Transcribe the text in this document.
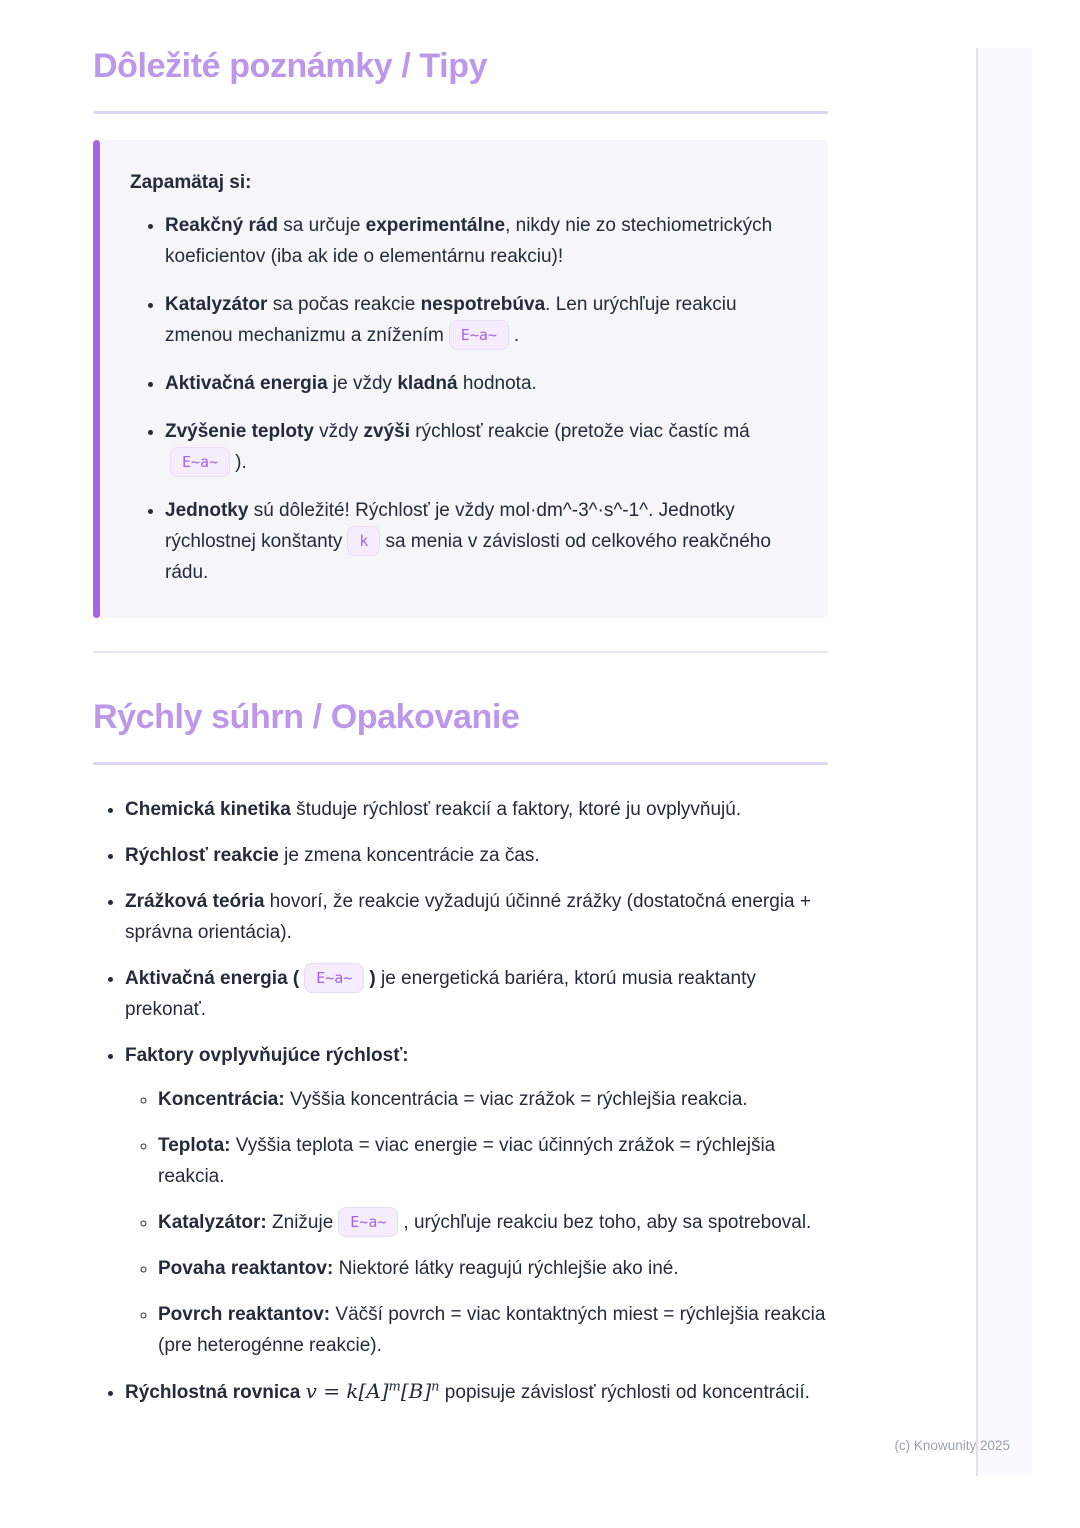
Dôležité poznámky / Tipy
Zapamätaj si:
• Reakčný rád sa určuje experimentálne, nikdy nie zo stechiometrických koeficientov (iba ak ide o elementárnu reakciu)!
• Katalyzátor sa počas reakcie nespotrebúva. Len urýchľuje reakciu zmenou mechanizmu a znížením E~a~ .
• Aktivačná energia je vždy kladná hodnota.
• Zvýšenie teploty vždy zvýši rýchlosť reakcie (pretože viac častíc máE~a~ ).
• Jednotky sú dôležité! Rýchlosť je vždy mol·dm^-3^·s^-1^. Jednotky rýchlostnej konštanty k sa menia v závislosti od celkového reakčného rádu.
Rýchly súhrn / Opakovanie
• Chemická kinetika študuje rýchlosť reakcií a faktory, ktoré ju ovplyvňujú.
• Rýchlosť reakcie je zmena koncentrácie za čas.
• Zrážková teória hovorí, že reakcie vyžadujú účinné zrážky (dostatočná energia + správna orientácia).
• Aktivačná energia ( E~a~ ) je energetická bariéra, ktorú musia reaktanty prekonať.
• Faktory ovplyvňujúce rýchlosť:
◦ Koncentrácia: Vyššia koncentrácia = viac zrážok = rýchlejšia reakcia.
◦ Teplota: Vyššia teplota = viac energie = viac účinných zrážok = rýchlejšia reakcia.
◦ Katalyzátor: Znižuje E~a~ , urýchľuje reakciu bez toho, aby sa spotreboval.
◦ Povaha reaktantov: Niektoré látky reagujú rýchlejšie ako iné.
◦ Povrch reaktantov: Väčší povrch = viac kontaktných miest = rýchlejšia reakcia (pre heterogénne reakcie).
• Rýchlostná rovnica $v = k[A]^m[B]^n$ popisuje závislosť rýchlosti od koncentrácií.
(c) Knowunity 2025
